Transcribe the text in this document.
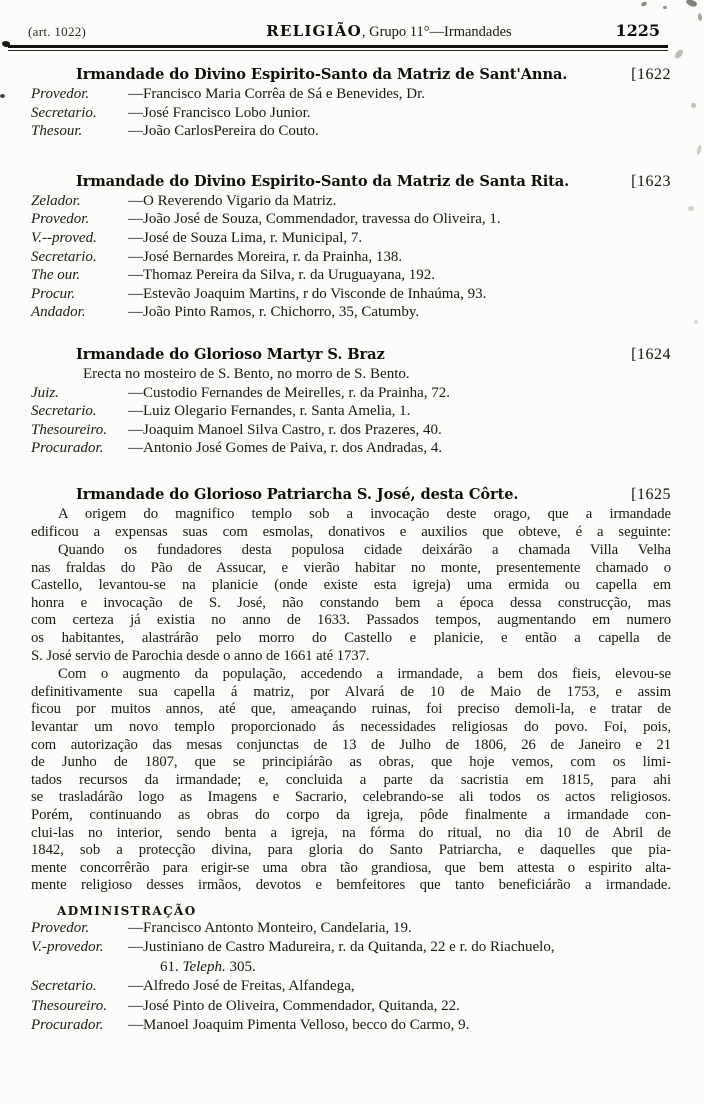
(art. 1022)	RELIGIÃO, Grupo 11°—Irmandades	1225
Irmandade do Divino Espirito-Santo da Matriz de Sant'Anna.	[1622
Provedor.	—Francisco Maria Corrêa de Sá e Benevides, Dr.
Secretario.	—José Francisco Lobo Junior.
Thesour.	—João CarlosPereira do Couto.
Irmandade do Divino Espirito-Santo da Matriz de Santa Rita.	[1623
Zelador.	—O Reverendo Vigario da Matriz.
Provedor.	—João José de Souza, Commendador, travessa do Oliveira, 1.
V.--proved.	—José de Souza Lima, r. Municipal, 7.
Secretario.	—José Bernardes Moreira, r. da Prainha, 138.
The our.	—Thomaz Pereira da Silva, r. da Uruguayana, 192.
Procur.	—Estevão Joaquim Martins, r do Visconde de Inhaúma, 93.
Andador.	—João Pinto Ramos, r. Chichorro, 35, Catumby.
Irmandade do Glorioso Martyr S. Braz	[1624
Erecta no mosteiro de S. Bento, no morro de S. Bento.
Juiz.	—Custodio Fernandes de Meirelles, r. da Prainha, 72.
Secretario.	—Luiz Olegario Fernandes, r. Santa Amelia, 1.
Thesoureiro.	—Joaquim Manoel Silva Castro, r. dos Prazeres, 40.
Procurador.	—Antonio José Gomes de Paiva, r. dos Andradas, 4.
Irmandade do Glorioso Patriarcha S. José, desta Côrte.	[1625
A origem do magnifico templo sob a invocação deste orago, que a irmandade
edificou a expensas suas com esmolas, donativos e auxilios que obteve, é a seguinte:
Quando os fundadores desta populosa cidade deixárão a chamada Villa Velha
nas fraldas do Pão de Assucar, e vierão habitar no monte, presentemente chamado o
Castello, levantou-se na planicie (onde existe esta igreja) uma ermida ou capella em
honra e invocação de S. José, não constando bem a época dessa construcção, mas
com certeza já existia no anno de 1633. Passados tempos, augmentando em numero
os habitantes, alastrárão pelo morro do Castello e planicie, e então a capella de
S. José servio de Parochia desde o anno de 1661 até 1737.
Com o augmento da população, accedendo a irmandade, a bem dos fieis, elevou-se
definitivamente sua capella á matriz, por Alvará de 10 de Maio de 1753, e assim
ficou por muitos annos, até que, ameaçando ruinas, foi preciso demoli-la, e tratar de
levantar um novo templo proporcionado ás necessidades religiosas do povo. Foi, pois,
com autorização das mesas conjunctas de 13 de Julho de 1806, 26 de Janeiro e 21
de Junho de 1807, que se principiárão as obras, que hoje vemos, com os limi-
tados recursos da irmandade; e, concluida a parte da sacristia em 1815, para ahi
se trasladárão logo as Imagens e Sacrario, celebrando-se ali todos os actos religiosos.
Porém, continuando as obras do corpo da igreja, pôde finalmente a irmandade con-
clui-las no interior, sendo benta a igreja, na fórma do ritual, no dia 10 de Abril de
1842, sob a protecção divina, para gloria do Santo Patriarcha, e daquelles que pia-
mente concorrêrão para erigir-se uma obra tão grandiosa, que bem attesta o espirito alta-
mente religioso desses irmãos, devotos e bemfeitores que tanto beneficiárão a irmandade.
ADMINISTRAÇÃO
Provedor.	—Francisco Antonto Monteiro, Candelaria, 19.
V.-provedor.	—Justiniano de Castro Madureira, r. da Quitanda, 22 e r. do Riachuelo,
61. Teleph. 305.
Secretario.	—Alfredo José de Freitas, Alfandega,
Thesoureiro.	—José Pinto de Oliveira, Commendador, Quitanda, 22.
Procurador.	—Manoel Joaquim Pimenta Velloso, becco do Carmo, 9.
